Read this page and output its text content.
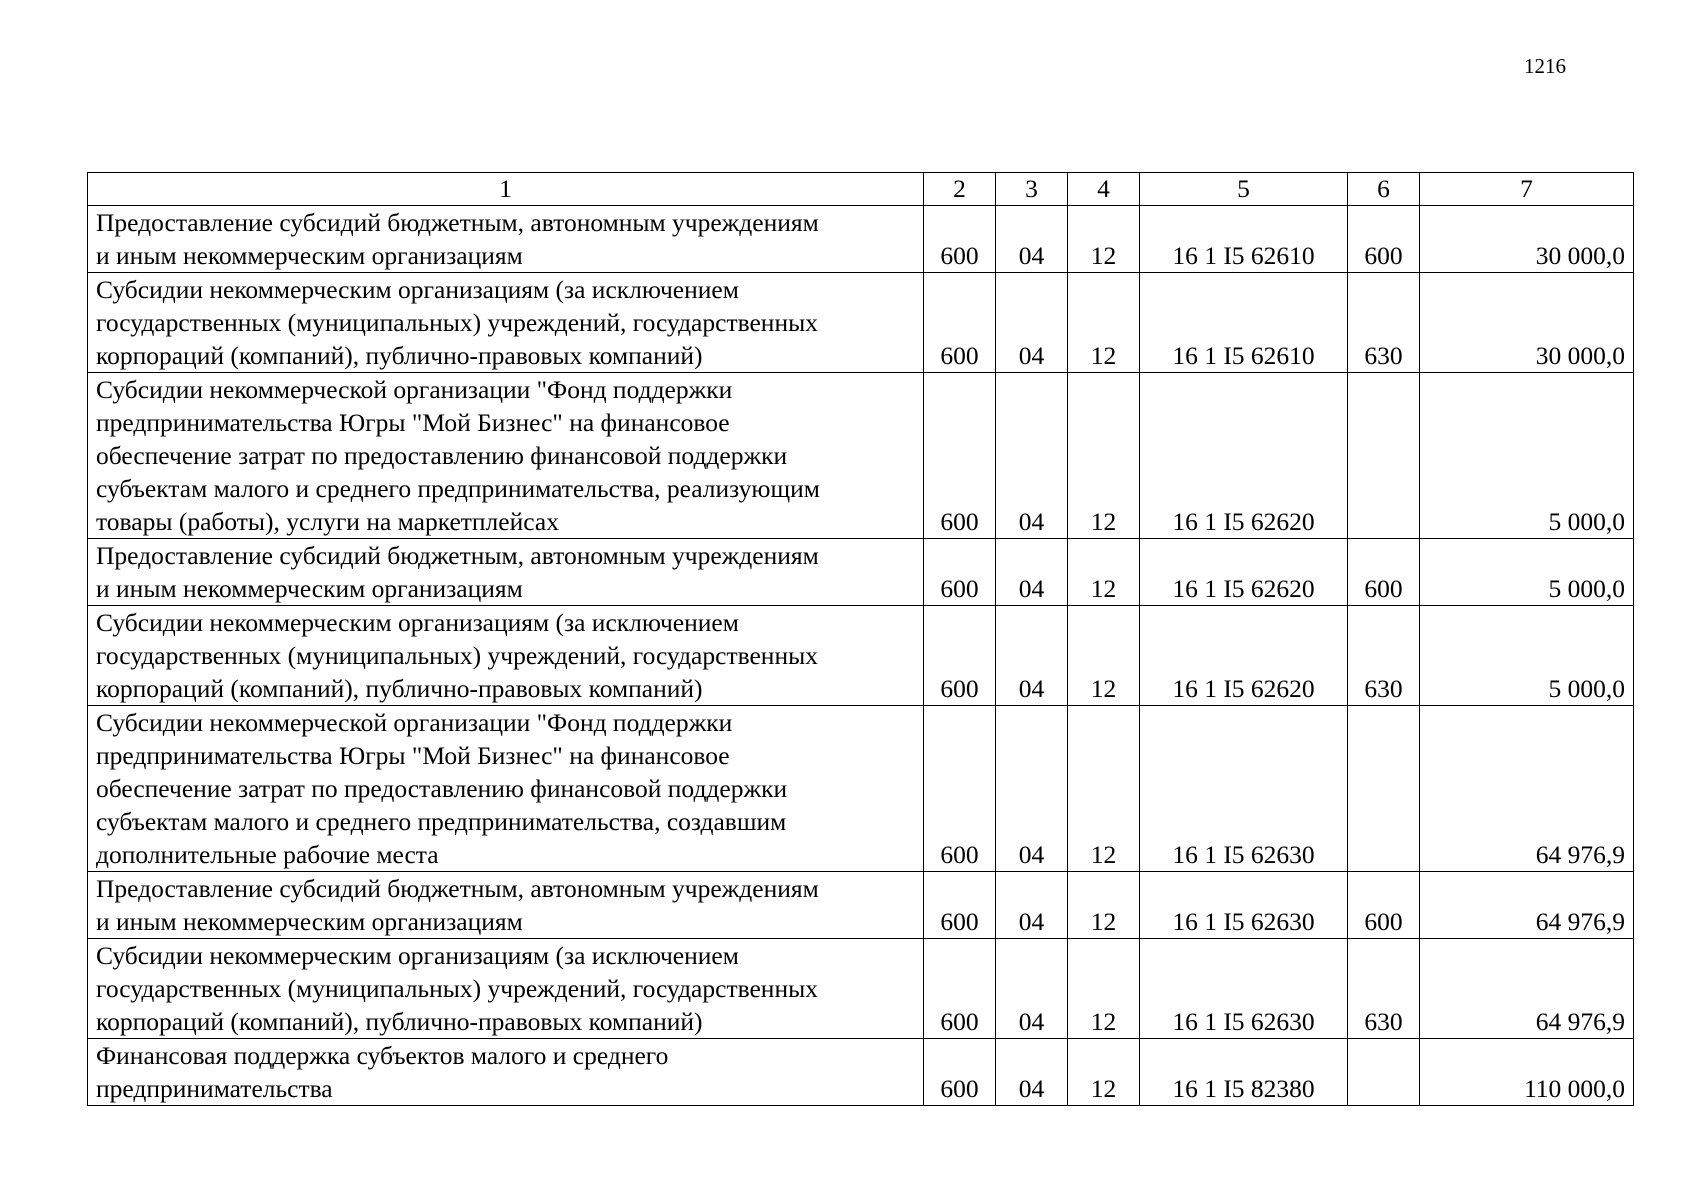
1216
1	2	3	4	5	6	7

Предоставление субсидий бюджетным, автономным учреждениям
и иным некоммерческим организациям	600	04	12	16 1 I5 62610	600	30 000,0

Субсидии некоммерческим организациям (за исключением
государственных (муниципальных) учреждений, государственных
корпораций (компаний), публично-правовых компаний)	600	04	12	16 1 I5 62610	630	30 000,0

Субсидии некоммерческой организации "Фонд поддержки
предпринимательства Югры "Мой Бизнес" на финансовое
обеспечение затрат по предоставлению финансовой поддержки
субъектам малого и среднего предпринимательства, реализующим
товары (работы), услуги на маркетплейсах	600	04	12	16 1 I5 62620		5 000,0

Предоставление субсидий бюджетным, автономным учреждениям
и иным некоммерческим организациям	600	04	12	16 1 I5 62620	600	5 000,0

Субсидии некоммерческим организациям (за исключением
государственных (муниципальных) учреждений, государственных
корпораций (компаний), публично-правовых компаний)	600	04	12	16 1 I5 62620	630	5 000,0

Субсидии некоммерческой организации "Фонд поддержки
предпринимательства Югры "Мой Бизнес" на финансовое
обеспечение затрат по предоставлению финансовой поддержки
субъектам малого и среднего предпринимательства, создавшим
дополнительные рабочие места	600	04	12	16 1 I5 62630		64 976,9

Предоставление субсидий бюджетным, автономным учреждениям
и иным некоммерческим организациям	600	04	12	16 1 I5 62630	600	64 976,9

Субсидии некоммерческим организациям (за исключением
государственных (муниципальных) учреждений, государственных
корпораций (компаний), публично-правовых компаний)	600	04	12	16 1 I5 62630	630	64 976,9

Финансовая поддержка субъектов малого и среднего
предпринимательства	600	04	12	16 1 I5 82380		110 000,0
